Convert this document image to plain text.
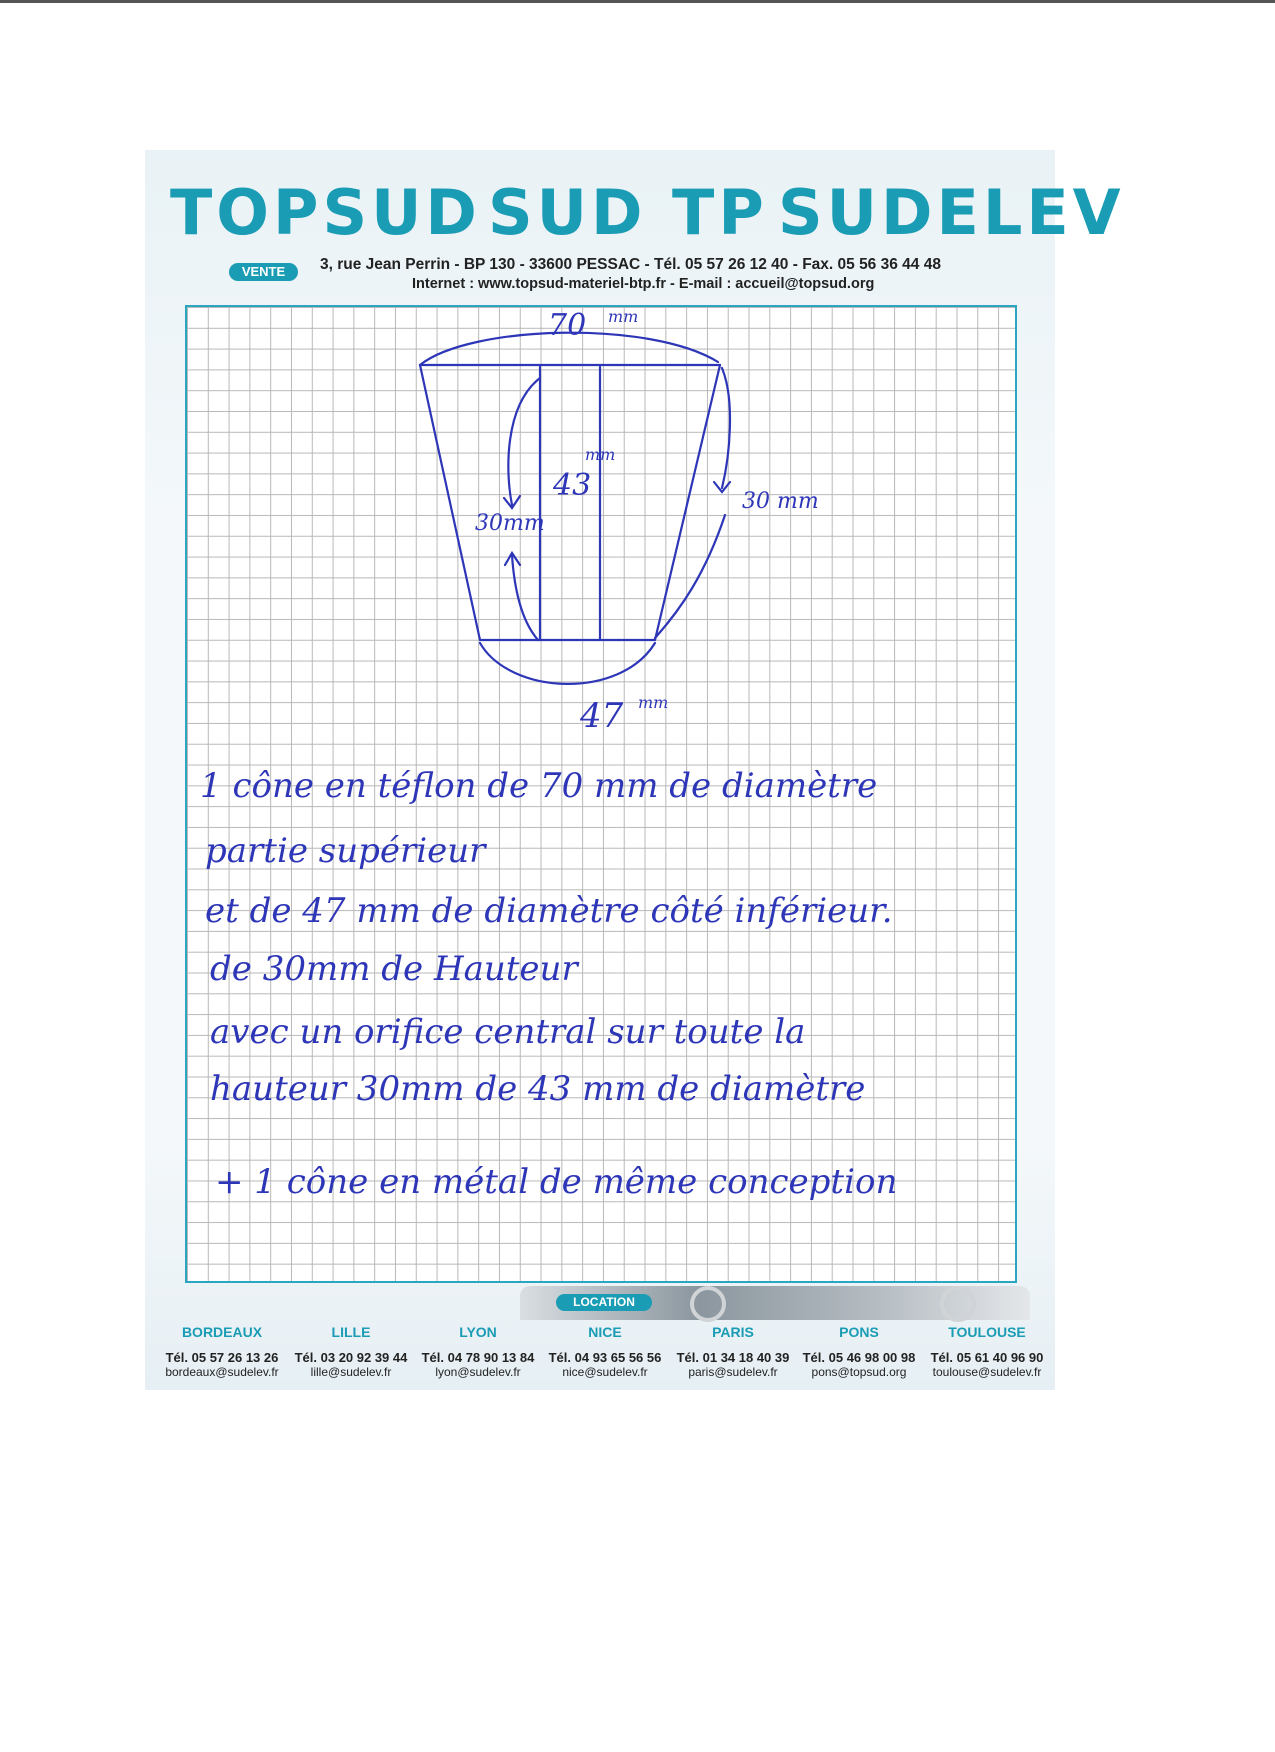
TOPSUD SUD TP SUDELEV
VENTE	3, rue Jean Perrin - BP 130 - 33600 PESSAC - Tél. 05 57 26 12 40 - Fax. 05 56 36 44 48
Internet : www.topsud-materiel-btp.fr - E-mail : accueil@topsud.org
70 mm
43
mm
30mm
30 mm
47 mm
1 cône en téflon de 70 mm de diamètre
partie supérieur
et de 47 mm de diamètre côté inférieur.
de 30mm de Hauteur
avec un orifice central sur toute la
hauteur 30mm de 43 mm de diamètre
+ 1 cône en métal de même conception
LOCATION
BORDEAUX
Tél. 05 57 26 13 26
bordeaux@sudelev.fr
LILLE
Tél. 03 20 92 39 44
lille@sudelev.fr
LYON
Tél. 04 78 90 13 84
lyon@sudelev.fr
NICE
Tél. 04 93 65 56 56
nice@sudelev.fr
PARIS
Tél. 01 34 18 40 39
paris@sudelev.fr
PONS
Tél. 05 46 98 00 98
pons@topsud.org
TOULOUSE
Tél. 05 61 40 96 90
toulouse@sudelev.fr
